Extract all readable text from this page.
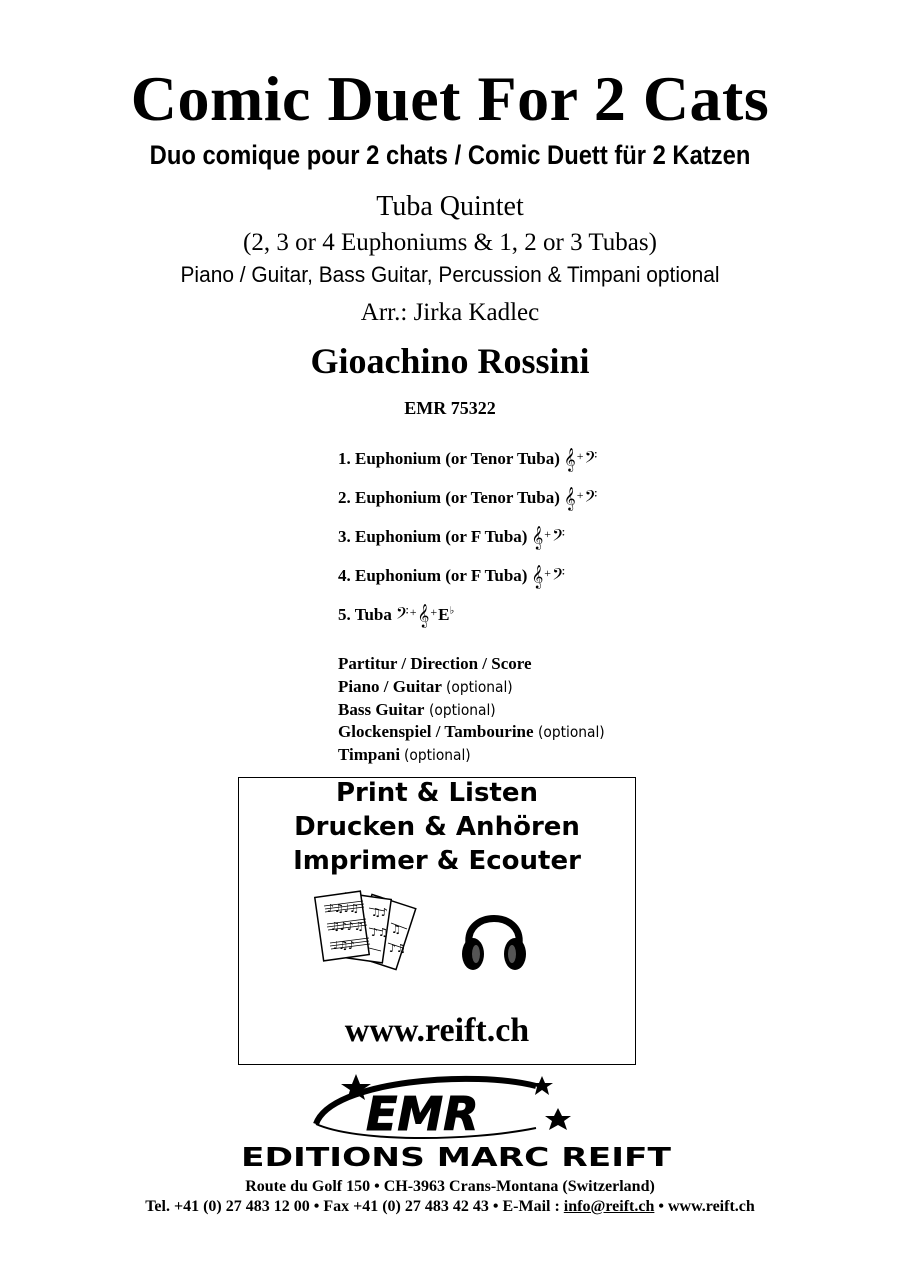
Comic Duet For 2 Cats
Duo comique pour 2 chats / Comic Duett für 2 Katzen
Tuba Quintet
(2, 3 or 4 Euphoniums & 1, 2 or 3 Tubas)
Piano / Guitar, Bass Guitar, Percussion & Timpani optional
Arr.: Jirka Kadlec
Gioachino Rossini
EMR 75322
1. Euphonium (or Tenor Tuba) 𝄞 + 𝄢
2. Euphonium (or Tenor Tuba) 𝄞 + 𝄢
3. Euphonium (or F Tuba) 𝄞 + 𝄢
4. Euphonium (or F Tuba) 𝄞 + 𝄢
5. Tuba 𝄢 + 𝄞 + E♭
Partitur / Direction / Score
Piano / Guitar (optional)
Bass Guitar (optional)
Glockenspiel / Tambourine (optional)
Timpani (optional)
Print & Listen
Drucken & Anhören
Imprimer & Ecouter
♪♫♩♫
♫♪♪♫
♩♫♪
♫♪
♪♫ ♫
♪♫
www.reift.ch
EMR
EDITIONS MARC REIFT
Route du Golf 150 • CH-3963 Crans-Montana (Switzerland)
Tel. +41 (0) 27 483 12 00 • Fax +41 (0) 27 483 42 43 • E-Mail : info@reift.ch • www.reift.ch
